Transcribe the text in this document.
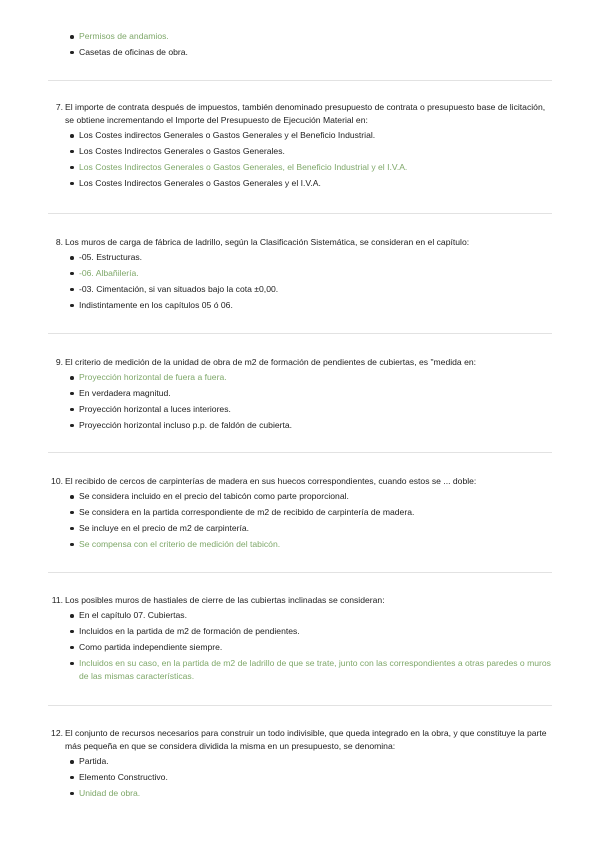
Permisos de andamios.
Casetas de oficinas de obra.
7. El importe de contrata después de impuestos, también denominado presupuesto de contrata o presupuesto base de licitación, se obtiene incrementando el Importe del Presupuesto de Ejecución Material en:
Los Costes indirectos Generales o Gastos Generales y el Beneficio Industrial.
Los Costes Indirectos Generales o Gastos Generales.
Los Costes Indirectos Generales o Gastos Generales, el Beneficio Industrial y el I.V.A.
Los Costes Indirectos Generales o Gastos Generales y el I.V.A.
8. Los muros de carga de fábrica de ladrillo, según la Clasificación Sistemática, se consideran en el capítulo:
-05. Estructuras.
-06. Albañilería.
-03. Cimentación, si van situados bajo la cota ±0,00.
Indistintamente en los capítulos 05 ó 06.
9. El criterio de medición de la unidad de obra de m2 de formación de pendientes de cubiertas, es "medida en:
Proyección horizontal de fuera a fuera.
En verdadera magnitud.
Proyección horizontal a luces interiores.
Proyección horizontal incluso p.p. de faldón de cubierta.
10. El recibido de cercos de carpinterías de madera en sus huecos correspondientes, cuando estos se ... doble:
Se considera incluido en el precio del tabicón como parte proporcional.
Se considera en la partida correspondiente de m2 de recibido de carpintería de madera.
Se incluye en el precio de m2 de carpintería.
Se compensa con el criterio de medición del tabicón.
11. Los posibles muros de hastiales de cierre de las cubiertas inclinadas se consideran:
En el capítulo 07. Cubiertas.
Incluidos en la partida de m2 de formación de pendientes.
Como partida independiente siempre.
Incluidos en su caso, en la partida de m2 de ladrillo de que se trate, junto con las correspondientes a otras paredes o muros de las mismas características.
12. El conjunto de recursos necesarios para construir un todo indivisible, que queda integrado en la obra, y que constituye la parte más pequeña en que se considera dividida la misma en un presupuesto, se denomina:
Partida.
Elemento Constructivo.
Unidad de obra.
